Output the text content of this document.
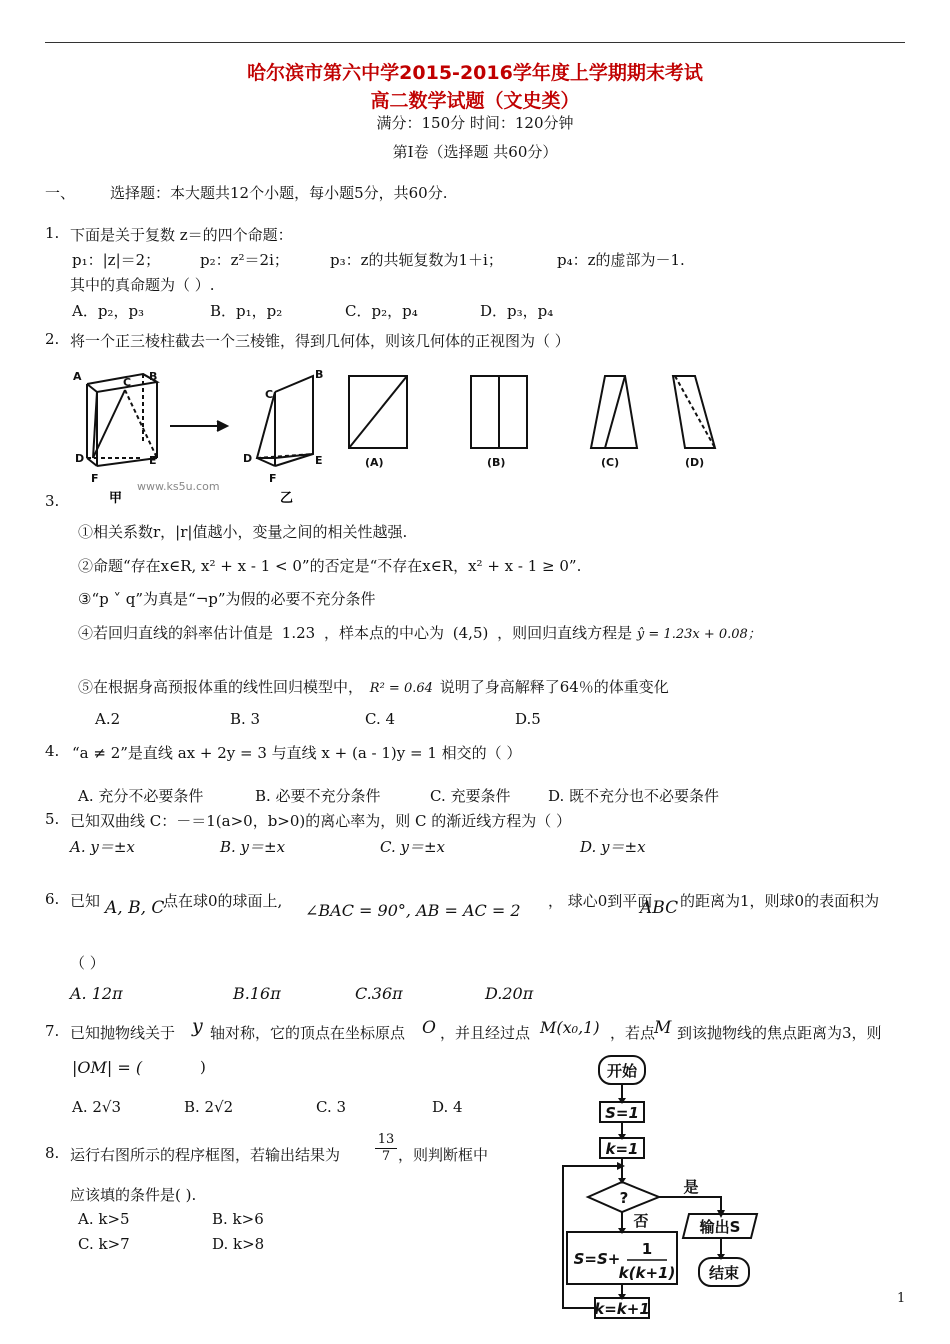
哈尔滨市第六中学2015-2016学年度上学期期末考试
高二数学试题（文史类）
满分：150分 时间：120分钟
第Ⅰ卷（选择题 共60分）
一、 选择题：本大题共12个小题，每小题5分，共60分.
1. 下面是关于复数 z＝的四个命题：
p₁：|z|＝2；	p₂：z²＝2i；	p₃：z的共轭复数为1＋i；	p₄：z的虚部为－1.
其中的真命题为（ ）.
A．p₂，p₃	B．p₁，p₂	C．p₂，p₄	D．p₃，p₄
2. 将一个正三棱柱截去一个三棱锥，得到几何体，则该几何体的正视图为（ ）
A	C B
D	E
F
C
B
D	E
F
(A)	(B)	(C)	(D)
www.ks5u.com
甲	乙
3.
①相关系数r，|r|值越小，变量之间的相关性越强.
②命题“存在x∈R, x² + x - 1 < 0”的否定是“不存在x∈R，x² + x - 1 ≥ 0”.
③“p ˅ q”为真是“¬p”为假的必要不充分条件
④若回归直线的斜率估计值是 1.23 ，样本点的中心为 (4,5) ，则回归直线方程是 ŷ = 1.23x + 0.08；
⑤在根据身高预报体重的线性回归模型中， R² = 0.64 说明了身高解释了64％的体重变化
A.2	B. 3	C. 4	D.5
4. “a ≠ 2”是直线 ax + 2y = 3 与直线 x + (a - 1)y = 1 相交的（ ）
A. 充分不必要条件	B. 必要不充分条件	C. 充要条件	D. 既不充分也不必要条件
5. 已知双曲线 C：－＝1(a>0，b>0)的离心率为，则 C 的渐近线方程为（ ）
A. y＝±x	B. y＝±x	C. y＝±x	D. y＝±x
6. 已知 A, B, C
点在球0的球面上, ∠BAC = 90°, AB = AC = 2 ， 球心0到平面
ABC 的距离为1，则球0的表面积为
（ ）
A. 12π	B.16π	C.36π	D.20π
7. 已知抛物线关于 y 轴对称，它的顶点在坐标原点 O ，并且经过点 M(x₀,1) ，若点
M 到该抛物线的焦点距离为3，则
|OM| = (	)
A. 2√3	B. 2√2	C. 3	D. 4
8. 运行右图所示的程序框图，若输出结果为	$\frac{13}{7}$ ，则判断框中
应该填的条件是( ).
A. k>5	B. k>6
C. k>7	D. k>8
开始
S=1
k=1
?
是
否	输出S
结束
S=S+
1
k(k+1)
k=k+1
1
